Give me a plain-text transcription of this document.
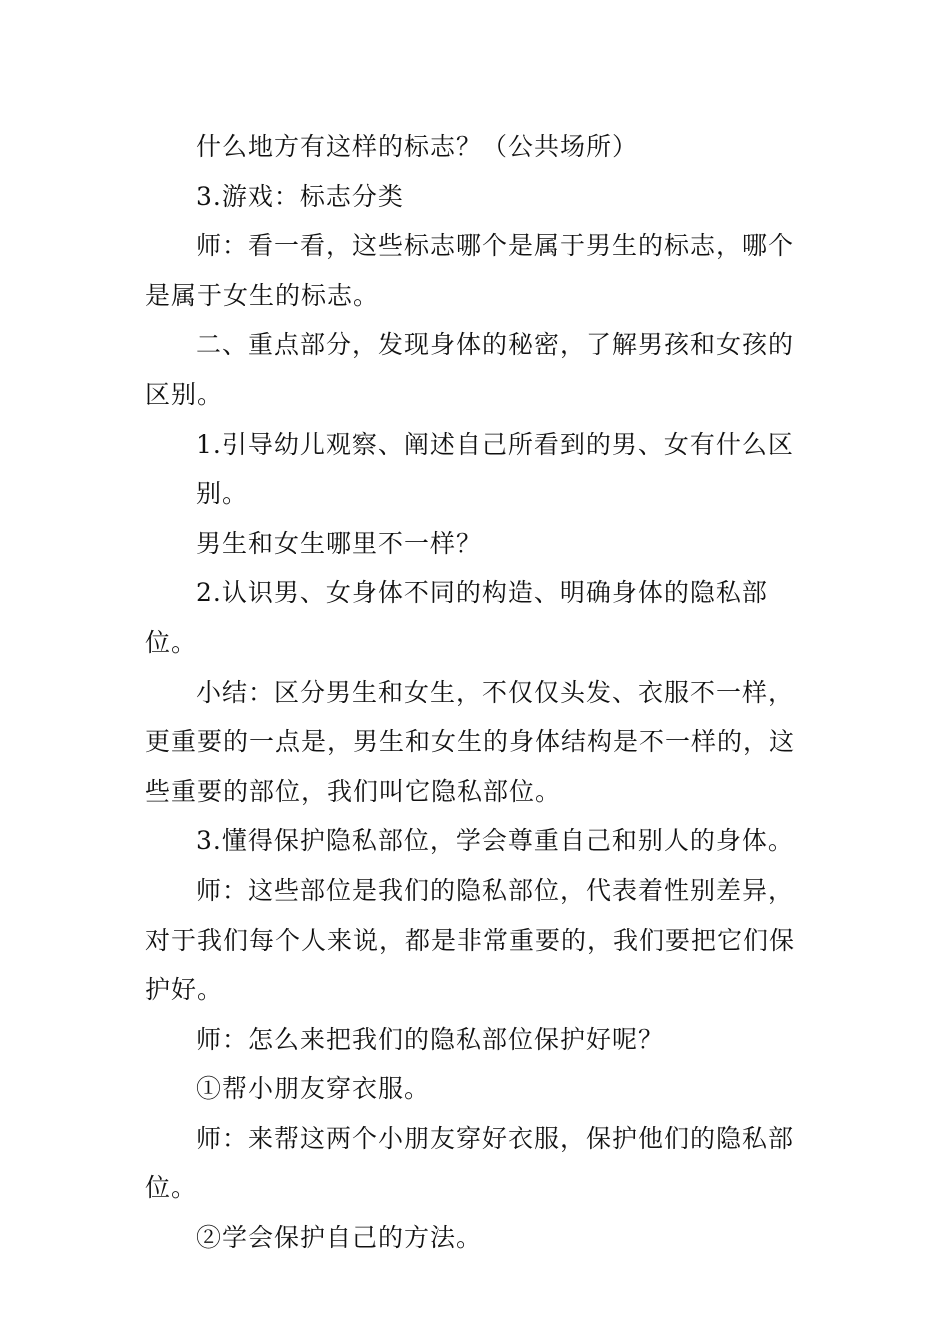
什么地方有这样的标志？（公共场所）

3.游戏：标志分类

师：看一看，这些标志哪个是属于男生的标志，哪个是属于女生的标志。

二、重点部分，发现身体的秘密，了解男孩和女孩的区别。

1.引导幼儿观察、阐述自己所看到的男、女有什么区别。

男生和女生哪里不一样？

2.认识男、女身体不同的构造、明确身体的隐私部位。

小结：区分男生和女生，不仅仅头发、衣服不一样，更重要的一点是，男生和女生的身体结构是不一样的，这些重要的部位，我们叫它隐私部位。

3.懂得保护隐私部位，学会尊重自己和别人的身体。

师：这些部位是我们的隐私部位，代表着性别差异，对于我们每个人来说，都是非常重要的，我们要把它们保护好。

师：怎么来把我们的隐私部位保护好呢？

①帮小朋友穿衣服。

师：来帮这两个小朋友穿好衣服，保护他们的隐私部位。

②学会保护自己的方法。
